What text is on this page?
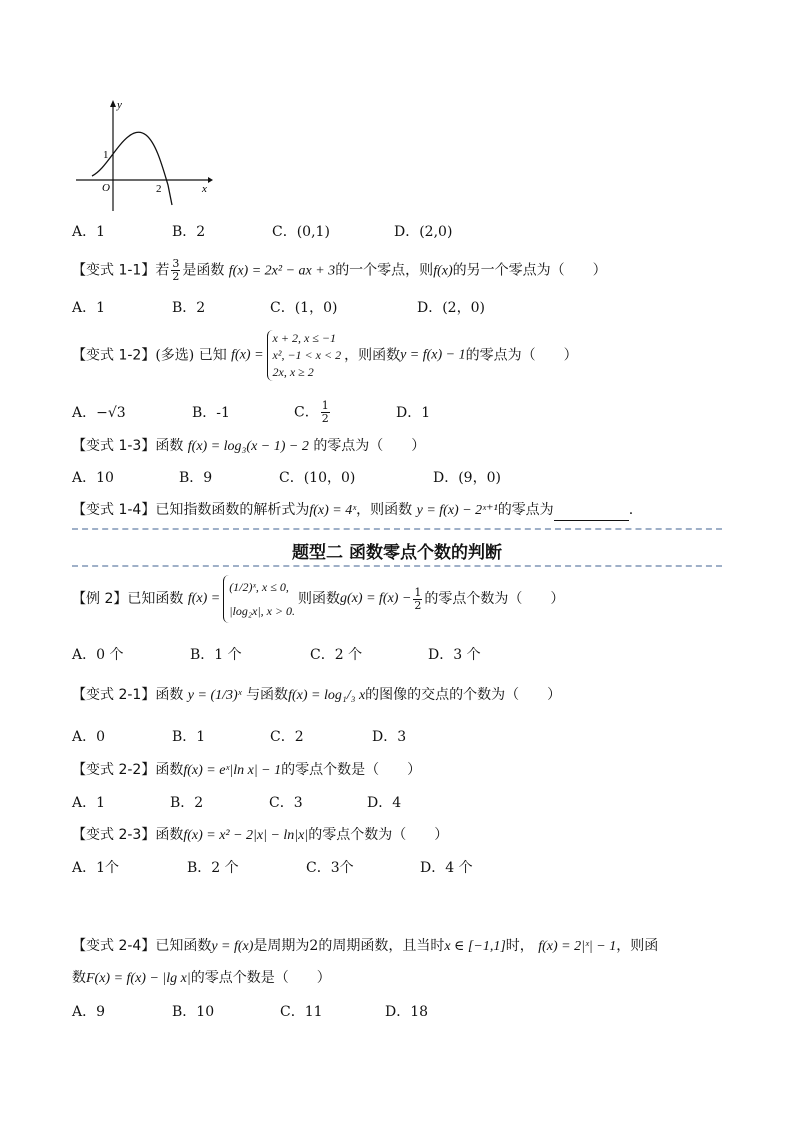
y
x
O
1
2
A．1	B．2	C．(0,1)	D．(2,0)
【变式 1-1】若 $\frac{3}{2}$ 是函数 f(x) = 2x² − ax + 3的一个零点，则f(x)的另一个零点为（　　）
A．1	B．2	C．(1，0)	D．(2，0)
【变式 1-2】(多选) 已知 f(x) =
x + 2, x ≤ −1
x², −1 < x < 2
2x, x ≥ 2
，则函数y = f(x) − 1的零点为（　　）
A．−√3	B．-1	C． $\frac{1}{2}$	D．1
【变式 1-3】函数 f(x) = log₃(x − 1) − 2 的零点为（　　）
A．10	B．9	C．(10，0)	D．(9，0)
【变式 1-4】已知指数函数的解析式为f(x) = 4ˣ，则函数 y = f(x) − 2ˣ⁺¹的零点为	.
题型二 函数零点个数的判断
【例 2】已知函数 f(x) =
(1/2)ˣ, x ≤ 0,
|log₂x|, x > 0.
则函数$g(x) = f(x) - \frac{1}{2}$ 的零点个数为（　　）
A．0 个	B．1 个	C．2 个	D．3 个
【变式 2-1】函数 y = (1/3)ˣ 与函数f(x) = log₁/₃ x的图像的交点的个数为（　　）
A．0	B．1	C．2	D．3
【变式 2-2】函数f(x) = eˣ|ln x| − 1的零点个数是（　　）
A．1	B．2	C．3	D．4
【变式 2-3】函数f(x) = x² − 2|x| − ln|x|的零点个数为（　　）
A．1个	B．2 个	C．3个	D．4 个
【变式 2-4】已知函数y = f(x)是周期为2的周期函数，且当时x ∈ [−1,1]时， f(x) = 2|ˣ| − 1，则函
数F(x) = f(x) − |lg x|的零点个数是（　　）
A．9	B．10	C．11	D．18
